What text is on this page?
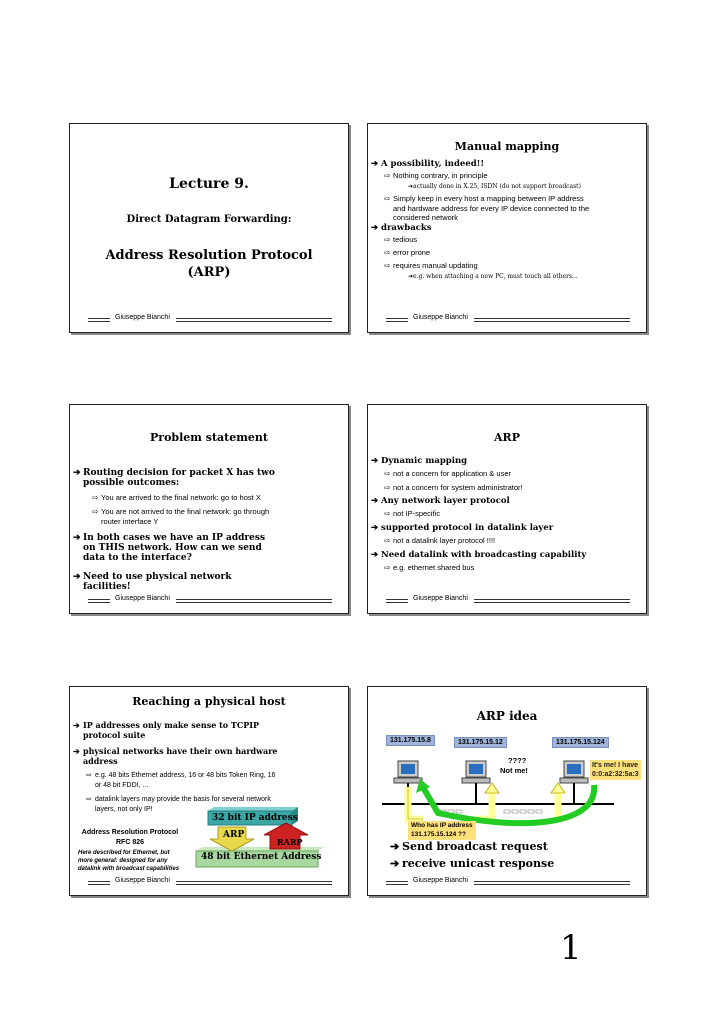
Lecture 9.
Direct Datagram Forwarding:
Address Resolution Protocol
(ARP)
Giuseppe Bianchi
Manual mapping
➔ A possibility, indeed!!
⇨ Nothing contrary, in principle
➔actually done in X.25, ISDN (do not support broadcast)
⇨ Simply keep in every host a mapping between IP address
and hardware address for every IP device connected to the
considered network
➔ drawbacks
⇨ tedious
⇨ error prone
⇨ requires manual updating
➔e.g. when attaching a new PC, must touch all others...
Giuseppe Bianchi
Problem statement
➔ Routing decision for packet X has two
possible outcomes:
⇨ You are arrived to the final network: go to host X
⇨ You are not arrived to the final network: go through
router interface Y
➔ In both cases we have an IP address
on THIS network. How can we send
data to the interface?
➔ Need to use physical network
facilities!
Giuseppe Bianchi
ARP
➔ Dynamic mapping
⇨ not a concern for application & user
⇨ not a concern for system administrator!
➔ Any network layer protocol
⇨ not IP-specific
➔ supported protocol in datalink layer
⇨ not a datalink layer protocol !!!!
➔ Need datalink with broadcasting capability
⇨ e.g. ethernet shared bus
Giuseppe Bianchi
Reaching a physical host
➔ IP addresses only make sense to TCPIP
protocol suite
➔ physical networks have their own hardware
address
⇨ e.g. 48 bits Ethernet address, 16 or 48 bits Token Ring, 16
or 48 bit FDDI, ...
⇨ datalink layers may provide the basis for several network
layers, not only IP!
32 bit IP address
ARP
RARP
48 bit Ethernet Address
Address Resolution Protocol
RFC 826
Here described for Ethernet, but
more general: designed for any
datalink with broadcast capabilities
Giuseppe Bianchi
ARP idea
131.175.15.8	131.175.15.12	131.175.15.124
????
Not me!
It's me! I have
0:0:a2:32:5a:3
Who has IP address
131.175.15.124 ??
➔ Send broadcast request
➔ receive unicast response
Giuseppe Bianchi
1
